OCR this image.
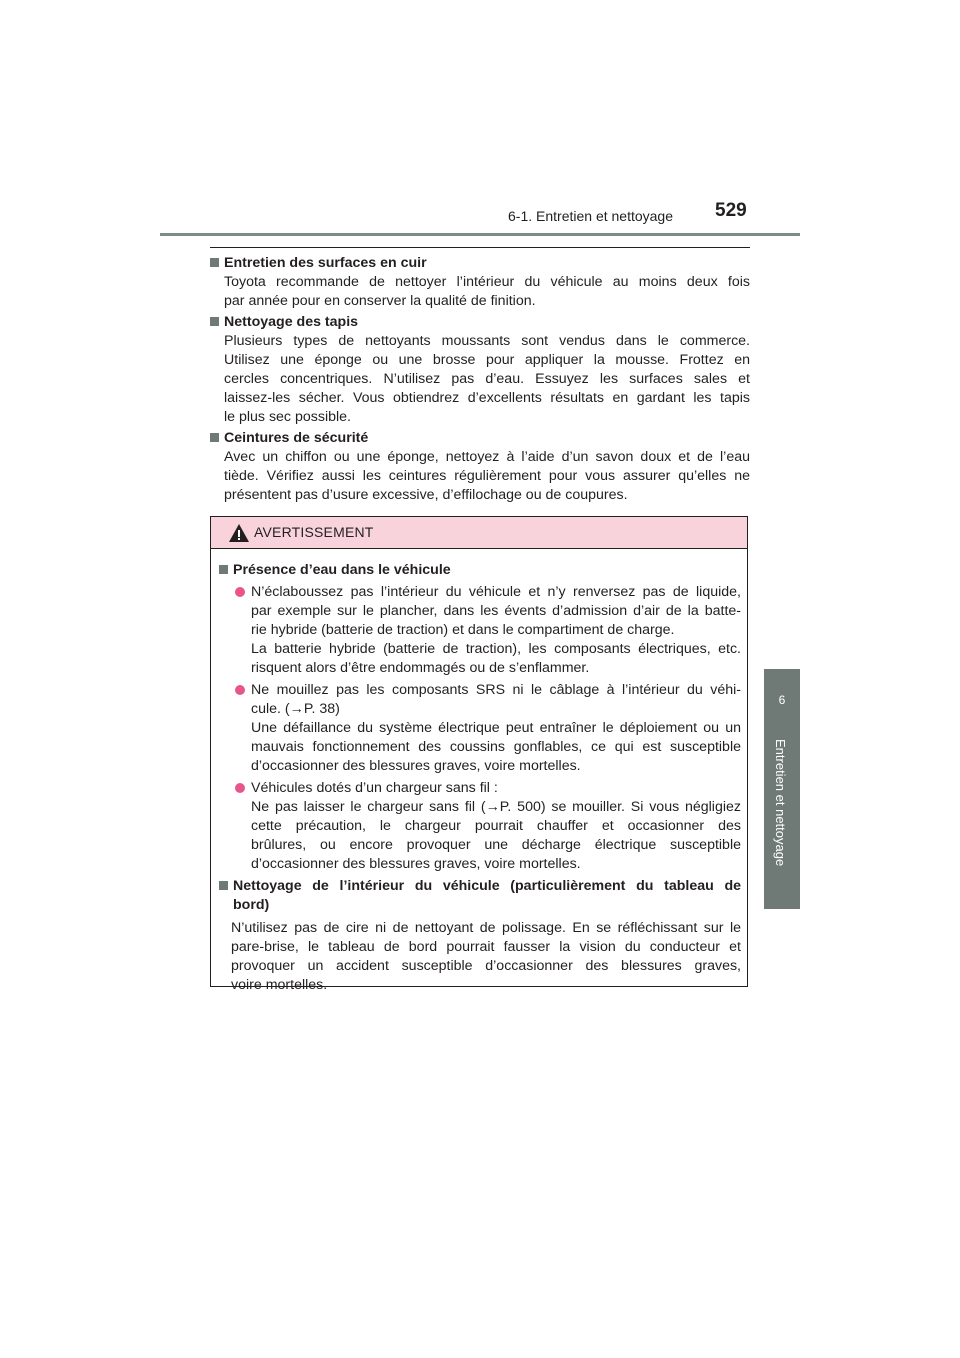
6-1. Entretien et nettoyage 529
6
Entretien et nettoyage
Entretien des surfaces en cuir
Toyota recommande de nettoyer l’intérieur du véhicule au moins deux fois
par année pour en conserver la qualité de finition.
Nettoyage des tapis
Plusieurs types de nettoyants moussants sont vendus dans le commerce.
Utilisez une éponge ou une brosse pour appliquer la mousse. Frottez en
cercles concentriques. N’utilisez pas d’eau. Essuyez les surfaces sales et
laissez-les sécher. Vous obtiendrez d’excellents résultats en gardant les tapis
le plus sec possible.
Ceintures de sécurité
Avec un chiffon ou une éponge, nettoyez à l’aide d’un savon doux et de l’eau
tiède. Vérifiez aussi les ceintures régulièrement pour vous assurer qu’elles ne
présentent pas d’usure excessive, d’effilochage ou de coupures.
AVERTISSEMENT
Présence d’eau dans le véhicule
N’éclaboussez pas l’intérieur du véhicule et n’y renversez pas de liquide,
par exemple sur le plancher, dans les évents d’admission d’air de la batte-
rie hybride (batterie de traction) et dans le compartiment de charge.
La batterie hybride (batterie de traction), les composants électriques, etc.
risquent alors d’être endommagés ou de s’enflammer.
Ne mouillez pas les composants SRS ni le câblage à l’intérieur du véhi-
cule. (→P. 38)
Une défaillance du système électrique peut entraîner le déploiement ou un
mauvais fonctionnement des coussins gonflables, ce qui est susceptible
d’occasionner des blessures graves, voire mortelles.
Véhicules dotés d’un chargeur sans fil :
Ne pas laisser le chargeur sans fil (→P. 500) se mouiller. Si vous négligiez
cette précaution, le chargeur pourrait chauffer et occasionner des
brûlures, ou encore provoquer une décharge électrique susceptible
d’occasionner des blessures graves, voire mortelles.
Nettoyage de l’intérieur du véhicule (particulièrement du tableau de
bord)
N’utilisez pas de cire ni de nettoyant de polissage. En se réfléchissant sur le
pare-brise, le tableau de bord pourrait fausser la vision du conducteur et
provoquer un accident susceptible d’occasionner des blessures graves,
voire mortelles.
